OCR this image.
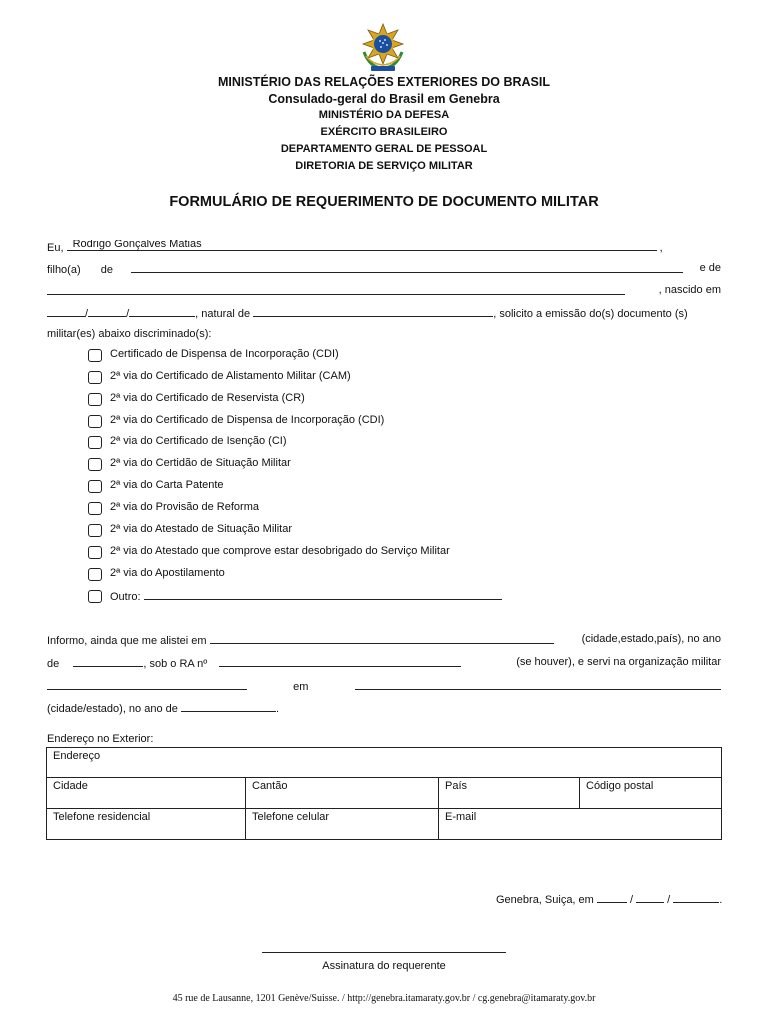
MINISTÉRIO DAS RELAÇÕES EXTERIORES DO BRASIL
Consulado-geral do Brasil em Genebra
MINISTÉRIO DA DEFESA
EXÉRCITO BRASILEIRO
DEPARTAMENTO GERAL DE PESSOAL
DIRETORIA DE SERVIÇO MILITAR
FORMULÁRIO DE REQUERIMENTO DE DOCUMENTO MILITAR
Eu, Rodrigo Gonçalves Matias	,
filho(a) de	e de
, nascido em
/	/	, natural de	, solicito a emissão do(s) documento (s)
militar(es) abaixo discriminado(s):
Certificado de Dispensa de Incorporação (CDI)
2ª via do Certificado de Alistamento Militar (CAM)
2ª via do Certificado de Reservista (CR)
2ª via do Certificado de Dispensa de Incorporação (CDI)
2ª via do Certificado de Isenção (CI)
2ª via do Certidão de Situação Militar
2ª via do Carta Patente
2ª via do Provisão de Reforma
2ª via do Atestado de Situação Militar
2ª via do Atestado que comprove estar desobrigado do Serviço Militar
2ª via do Apostilamento
Outro:
Informo, ainda que me alistei em	(cidade,estado,país), no ano
de	, sob o RA nº	(se houver), e servi na organização militar
em
(cidade/estado), no ano de	.
Endereço no Exterior:
Endereço			
Cidade	Cantão	País	Código postal
Telefone residencial	Telefone celular	E-mail	
Genebra, Suiça, em	/	/	.
Assinatura do requerente
45 rue de Lausanne, 1201 Genève/Suisse. / http://genebra.itamaraty.gov.br / cg.genebra@itamaraty.gov.br
